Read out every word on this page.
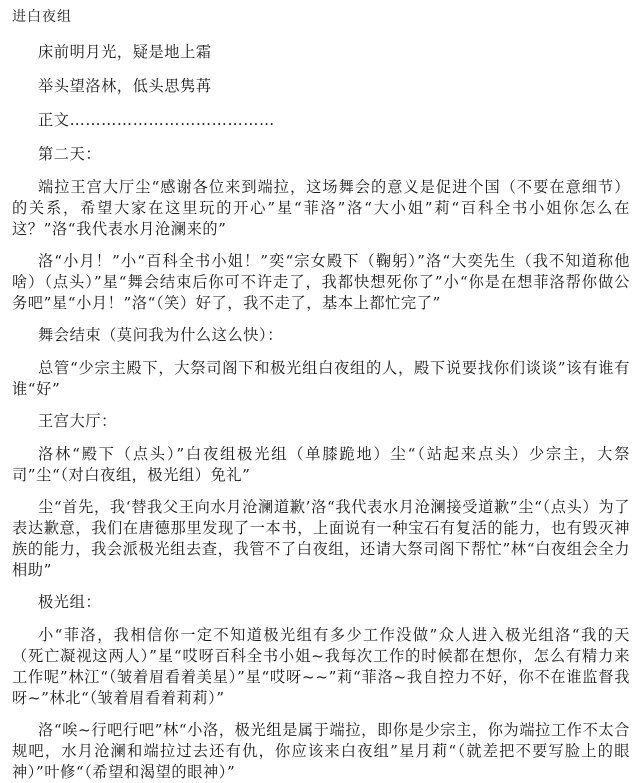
进白夜组

床前明月光，疑是地上霜

举头望洛林，低头思隽苒

正文…………………………………

第二天：

端拉王宫大厅尘“感谢各位来到端拉，这场舞会的意义是促进个国（不要在意细节）的关系，希望大家在这里玩的开心”星“菲洛”洛“大小姐”莉“百科全书小姐你怎么在这？”洛“我代表水月沧澜来的”

洛“小月！”小“百科全书小姐！”奕“宗女殿下（鞠躬）”洛“大奕先生（我不知道称他啥）（点头）”星“舞会结束后你可不许走了，我都快想死你了”小“你是在想菲洛帮你做公务吧”星“小月！”洛“（笑）好了，我不走了，基本上都忙完了”

舞会结束（莫问我为什么这么快）：

总管“少宗主殿下，大祭司阁下和极光组白夜组的人，殿下说要找你们谈谈”该有谁有谁“好”

王宫大厅：

洛林“殿下（点头）”白夜组极光组（单膝跪地）尘“（站起来点头）少宗主，大祭司”尘“（对白夜组，极光组）免礼”

尘“首先，我‘替我父王向水月沧澜道歉’洛“我代表水月沧澜接受道歉”尘“（点头）为了表达歉意，我们在唐德那里发现了一本书，上面说有一种宝石有复活的能力，也有毁灭神族的能力，我会派极光组去查，我管不了白夜组，还请大祭司阁下帮忙”林“白夜组会全力相助”

极光组：

小“菲洛，我相信你一定不知道极光组有多少工作没做”众人进入极光组洛“我的天（死亡凝视这两人）”星“哎呀百科全书小姐~我每次工作的时候都在想你，怎么有精力来工作呢”林江“（皱着眉看着美星）”星“哎呀~~”莉“菲洛~我自控力不好，你不在谁监督我呀~”林北“（皱着眉看着莉莉）”

洛“唉~行吧行吧”林“小洛，极光组是属于端拉，即你是少宗主，你为端拉工作不太合规吧，水月沧澜和端拉过去还有仇，你应该来白夜组”星月莉“（就差把不要写脸上的眼神）”叶修“（希望和渴望的眼神）”
